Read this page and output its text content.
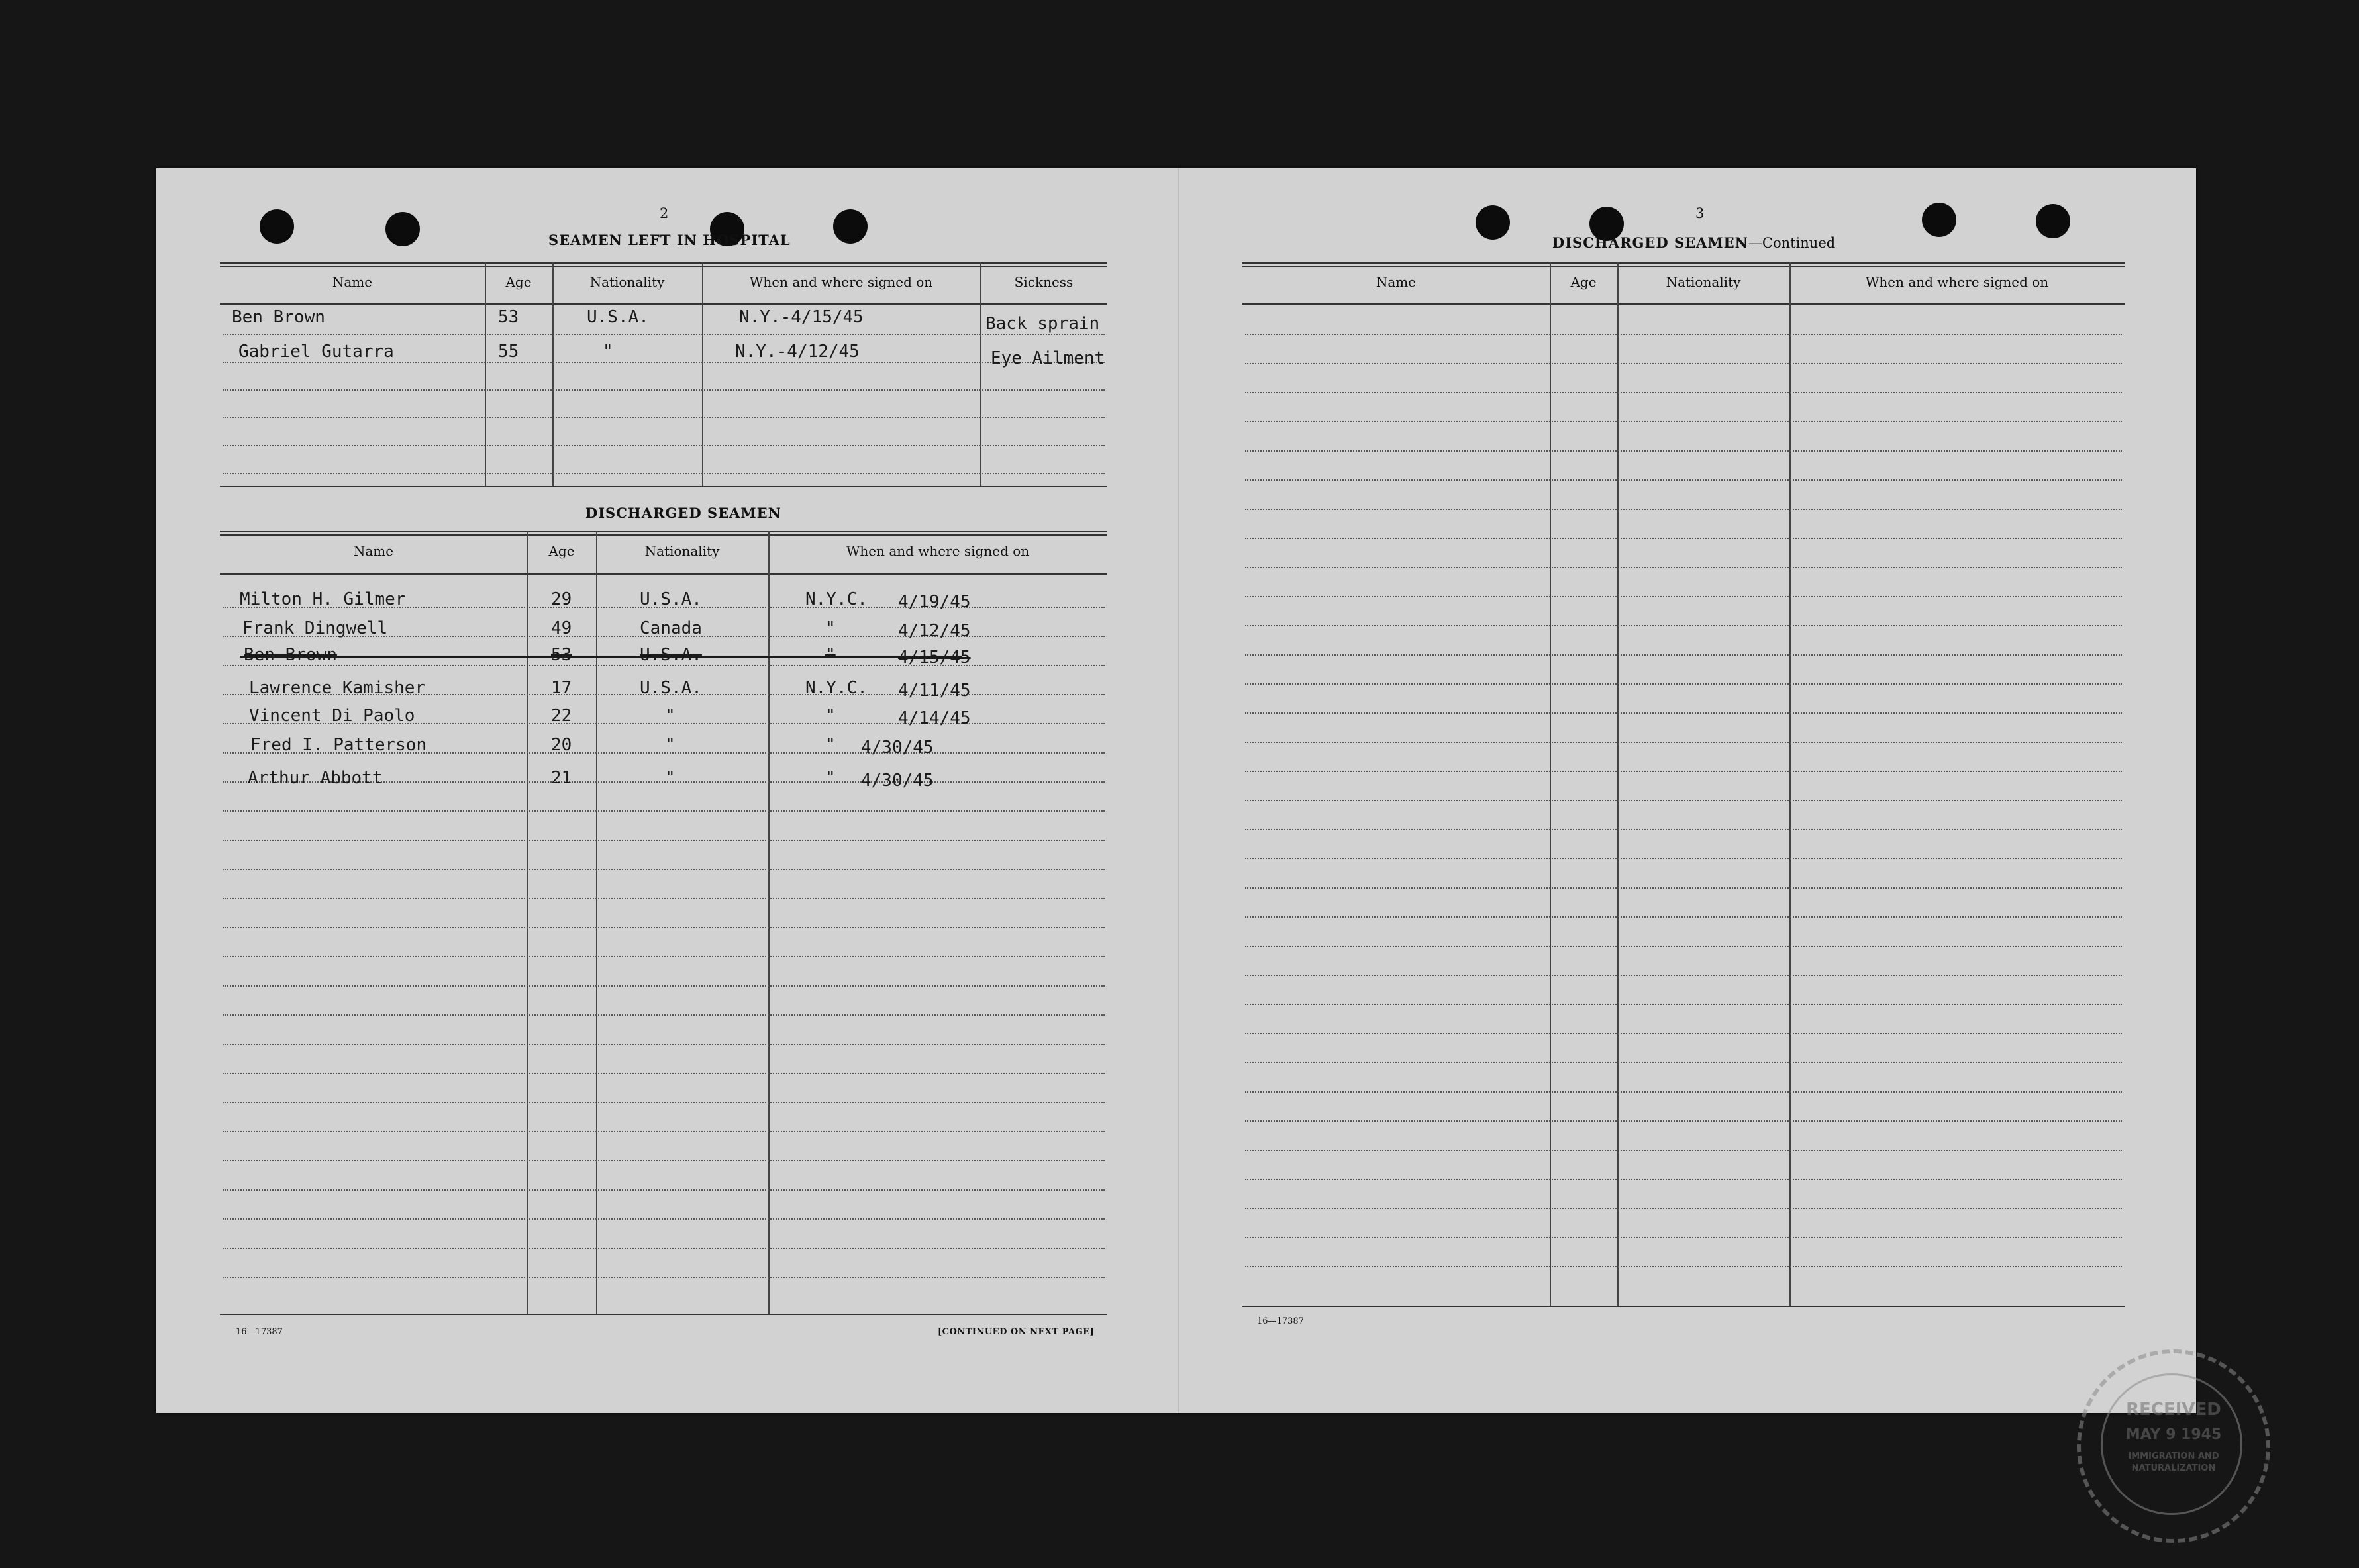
2
SEAMEN LEFT IN HOSPITAL
Name	Age	Nationality	When and where signed on	Sickness
Ben Brown	53	U.S.A.	N.Y.-4/15/45	Back sprain
Gabriel Gutarra	55	"	N.Y.-4/12/45	Eye Ailment
DISCHARGED SEAMEN
Name	Age	Nationality	When and where signed on
Milton H. Gilmer	29	U.S.A.	N.Y.C. 4/19/45
Frank Dingwell	49	Canada	"	4/12/45
Ben Brown	53	U.S.A.	"	4/15/45
Lawrence Kamisher	17	U.S.A.	N.Y.C. 4/11/45
Vincent Di Paolo	22	"	"	4/14/45
Fred I. Patterson	20	"	" 4/30/45
Arthur Abbott	21	"	" 4/30/45
16—17387	[CONTINUED ON NEXT PAGE]
3
DISCHARGED SEAMEN—Continued
Name	Age	Nationality	When and where signed on
16—17387
RECEIVED
MAY 9 1945
IMMIGRATION AND
NATURALIZATION
